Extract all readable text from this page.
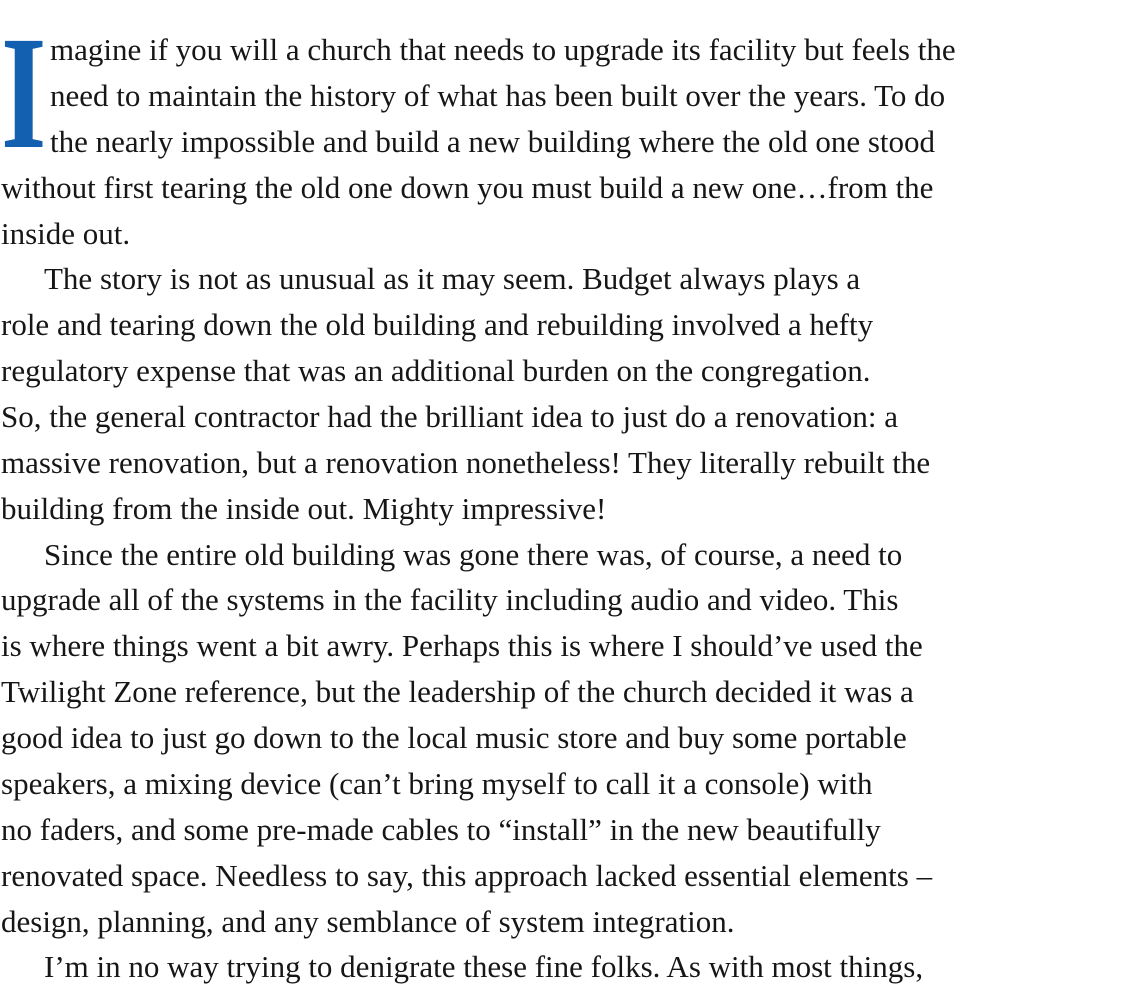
I magine if you will a church that needs to upgrade its facility but feels the

need to maintain the history of what has been built over the years. To do

the nearly impossible and build a new building where the old one stood

without first tearing the old one down you must build a new one…from the

inside out.

The story is not as unusual as it may seem. Budget always plays a

role and tearing down the old building and rebuilding involved a hefty

regulatory expense that was an additional burden on the congregation.

So, the general contractor had the brilliant idea to just do a renovation: a

massive renovation, but a renovation nonetheless! They literally rebuilt the

building from the inside out. Mighty impressive!

Since the entire old building was gone there was, of course, a need to

upgrade all of the systems in the facility including audio and video. This

is where things went a bit awry. Perhaps this is where I should’ve used the

Twilight Zone reference, but the leadership of the church decided it was a

good idea to just go down to the local music store and buy some portable

speakers, a mixing device (can’t bring myself to call it a console) with

no faders, and some pre-made cables to “install” in the new beautifully

renovated space. Needless to say, this approach lacked essential elements –

design, planning, and any semblance of system integration.

I’m in no way trying to denigrate these fine folks. As with most things,
